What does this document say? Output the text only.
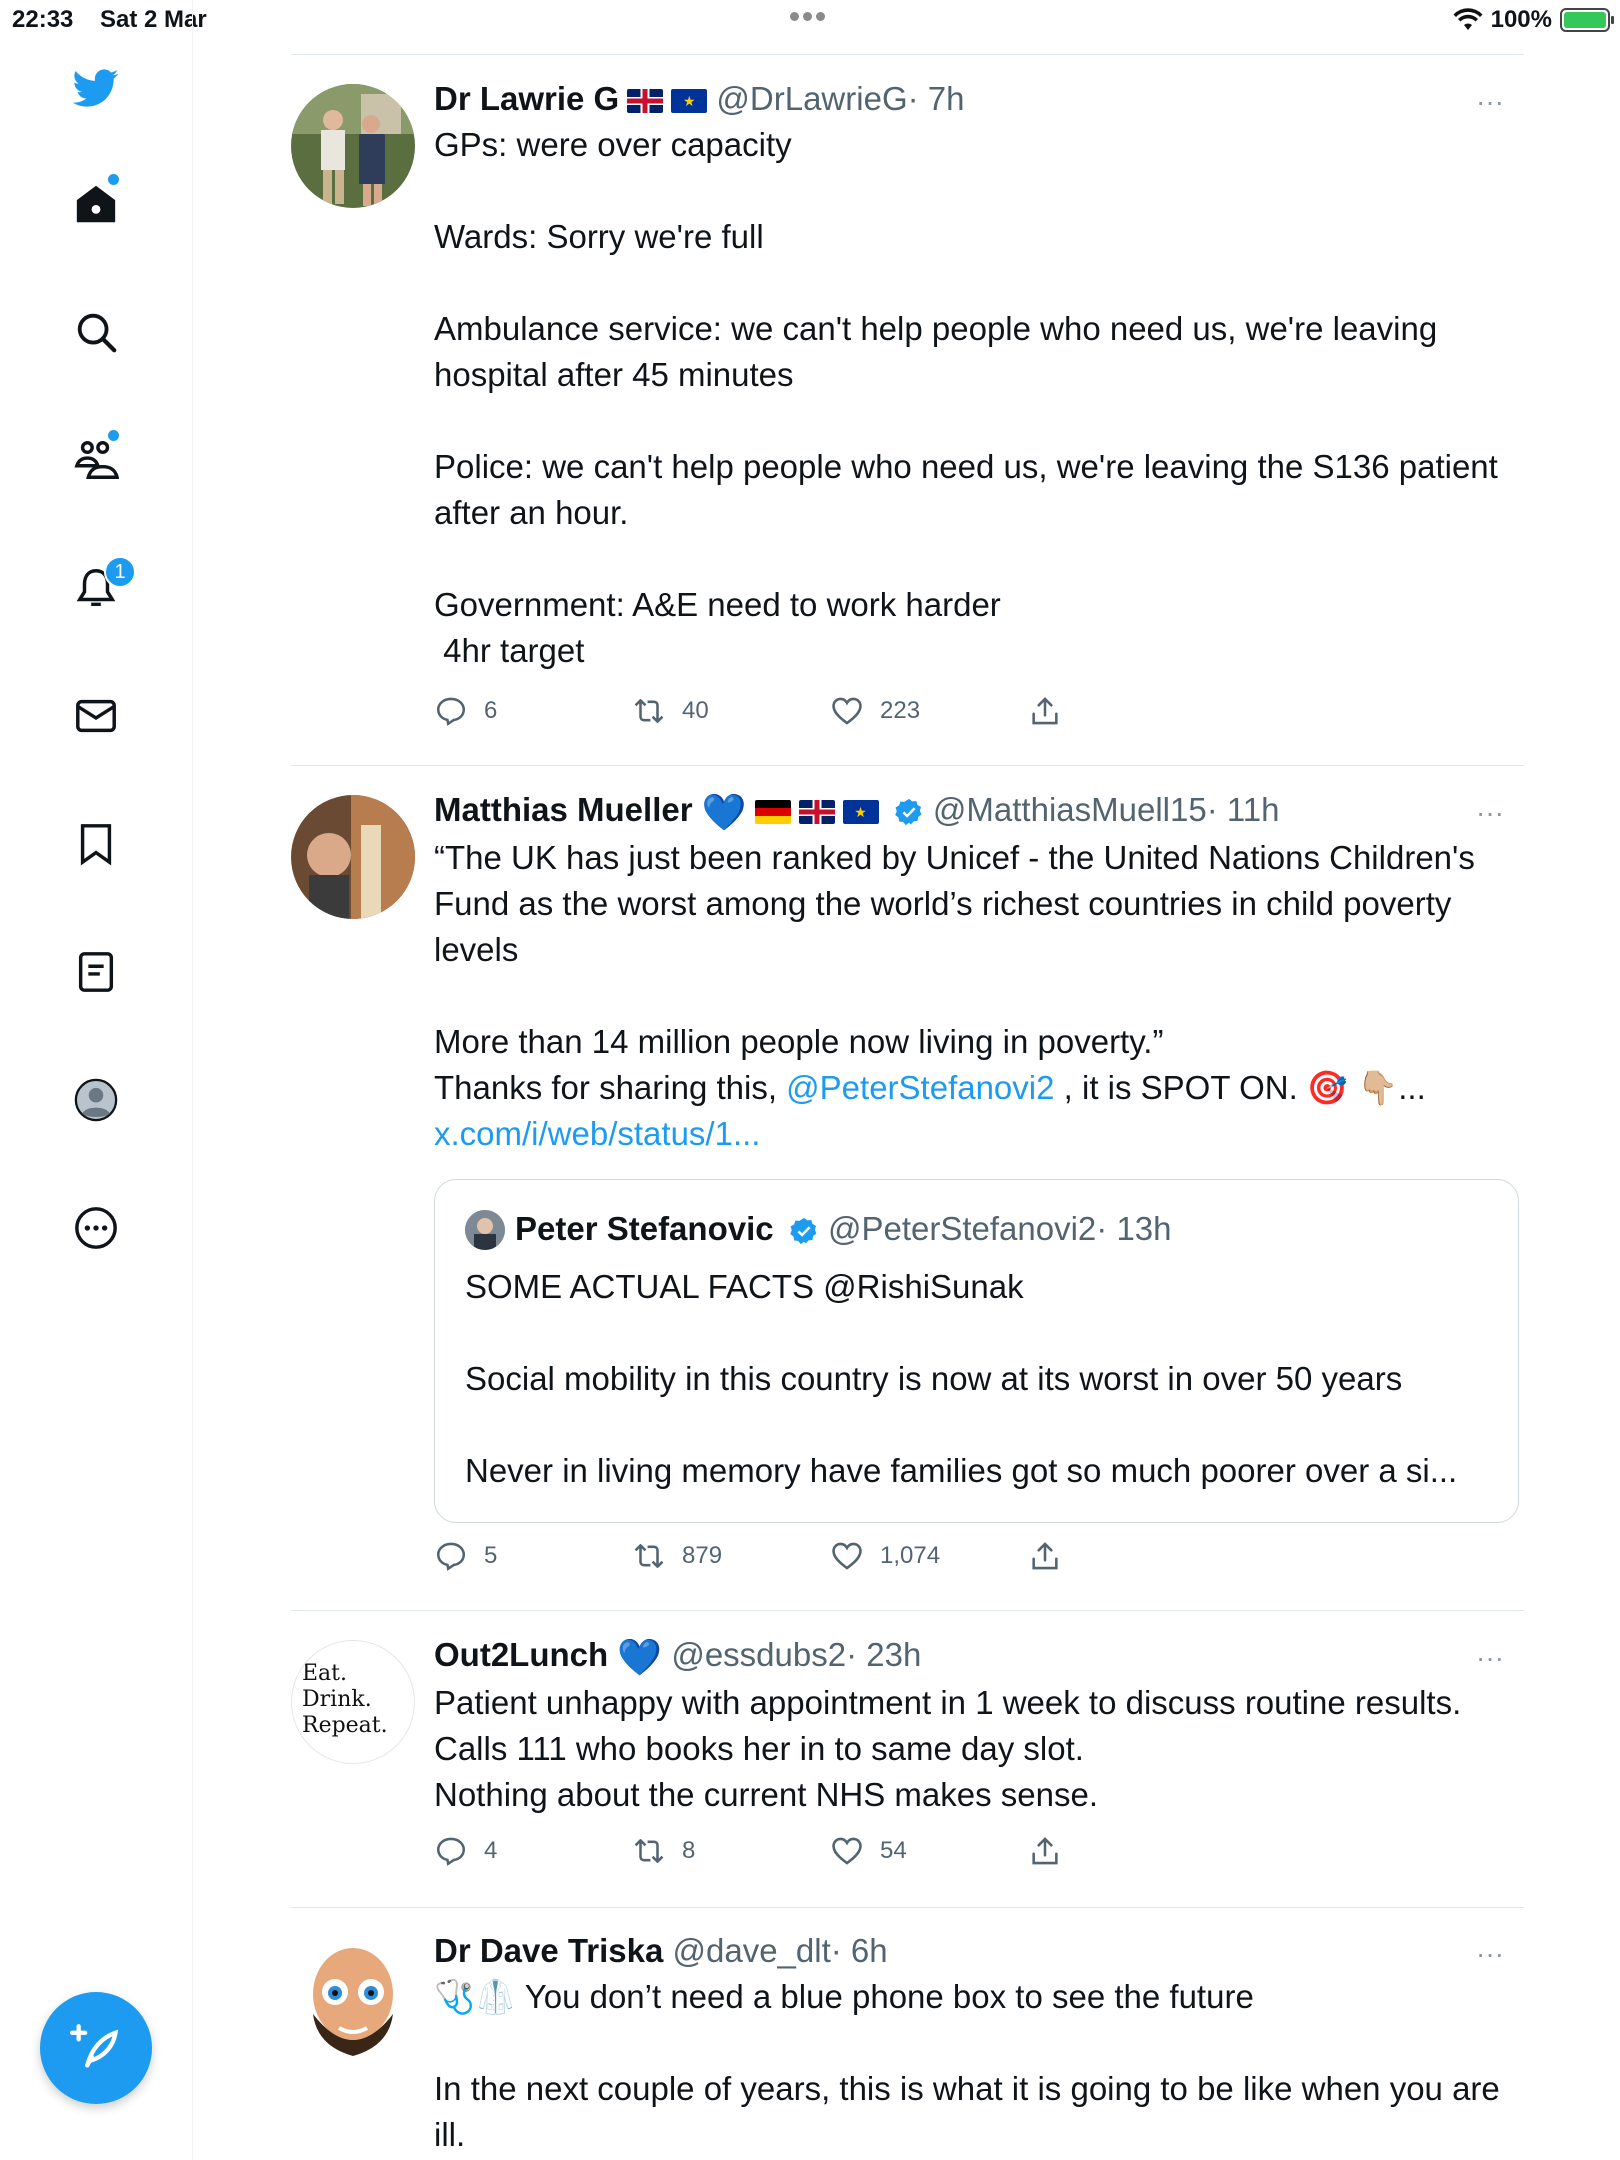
22:33 Sat 2 Mar	100%
1
Dr Lawrie G ★	@DrLawrieG· 7h
GPs: were over capacity

Wards: Sorry we're full

Ambulance service: we can't help people who need us, we're leaving hospital after 45 minutes

Police: we can't help people who need us, we're leaving the S136 patient after an hour.

Government: A&E need to work harder
4hr target
···
6	40	223
Matthias Mueller 💙 ★	@MatthiasMuell15· 11h
“The UK has just been ranked by Unicef - the United Nations Children's Fund as the worst among the world’s richest countries in child poverty levels

More than 14 million people now living in poverty.”
Thanks for sharing this, @PeterStefanovi2 , it is SPOT ON. 🎯 👇🏼...
x.com/i/web/status/1...
···
Peter Stefanovic @PeterStefanovi2· 13h
SOME ACTUAL FACTS @RishiSunak

Social mobility in this country is now at its worst in over 50 years

Never in living memory have families got so much poorer over a si...
5	879	1,074
Eat.
Drink.
Repeat.
Out2Lunch 💙 @essdubs2· 23h
Patient unhappy with appointment in 1 week to discuss routine results.
Calls 111 who books her in to same day slot.
Nothing about the current NHS makes sense.
···
4	8	54
Dr Dave Triska @dave_dlt· 6h
🩺🥼 You don’t need a blue phone box to see the future

In the next couple of years, this is what it is going to be like when you are ill.
···
